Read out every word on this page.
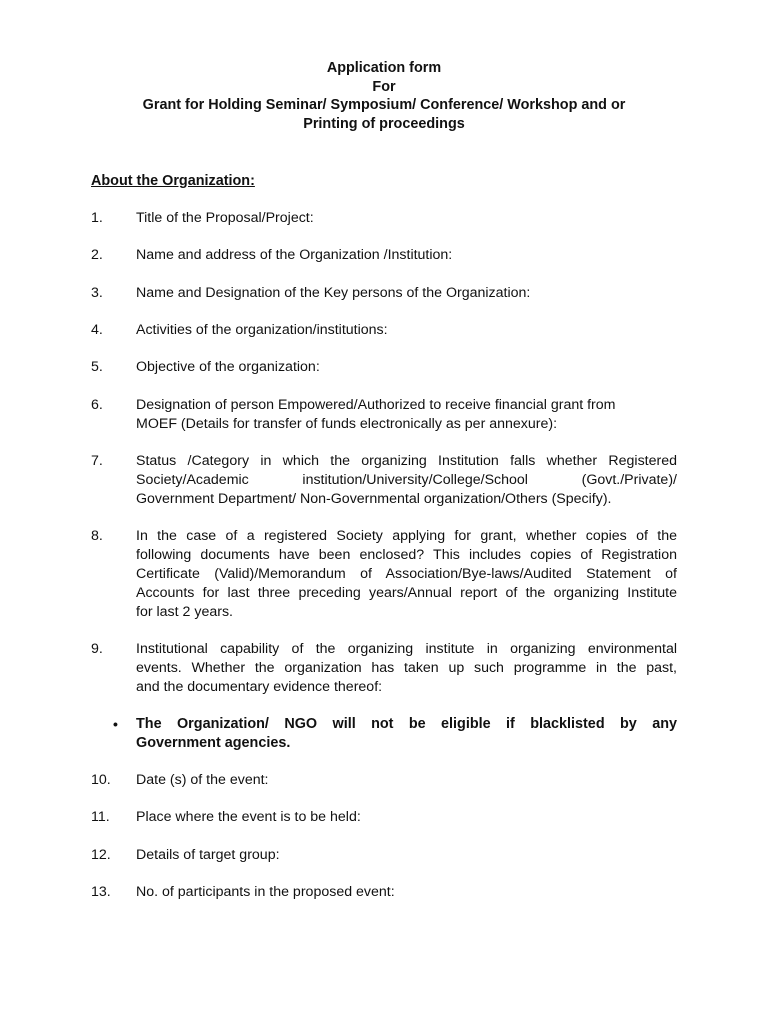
Application form
For
Grant for Holding Seminar/ Symposium/ Conference/ Workshop and or
Printing of proceedings
About the Organization:
1.	Title of the Proposal/Project:
2.	Name and address of the Organization /Institution:
3.	Name and Designation of the Key persons of the Organization:
4.	Activities of the organization/institutions:
5.	Objective of the organization:
6.	Designation of person Empowered/Authorized to receive financial grant from
MOEF (Details for transfer of funds electronically as per annexure):
7.	Status /Category in which the organizing Institution falls whether Registered
Society/Academic institution/University/College/School (Govt./Private)/
Government Department/ Non-Governmental organization/Others (Specify).
8.	In the case of a registered Society applying for grant, whether copies of the
following documents have been enclosed? This includes copies of Registration
Certificate (Valid)/Memorandum of Association/Bye-laws/Audited Statement of
Accounts for last three preceding years/Annual report of the organizing Institute
for last 2 years.
9.	Institutional capability of the organizing institute in organizing environmental
events. Whether the organization has taken up such programme in the past,
and the documentary evidence thereof:
•	The Organization/ NGO will not be eligible if blacklisted by any
Government agencies.
10.	Date (s) of the event:
11.	Place where the event is to be held:
12.	Details of target group:
13.	No. of participants in the proposed event:
